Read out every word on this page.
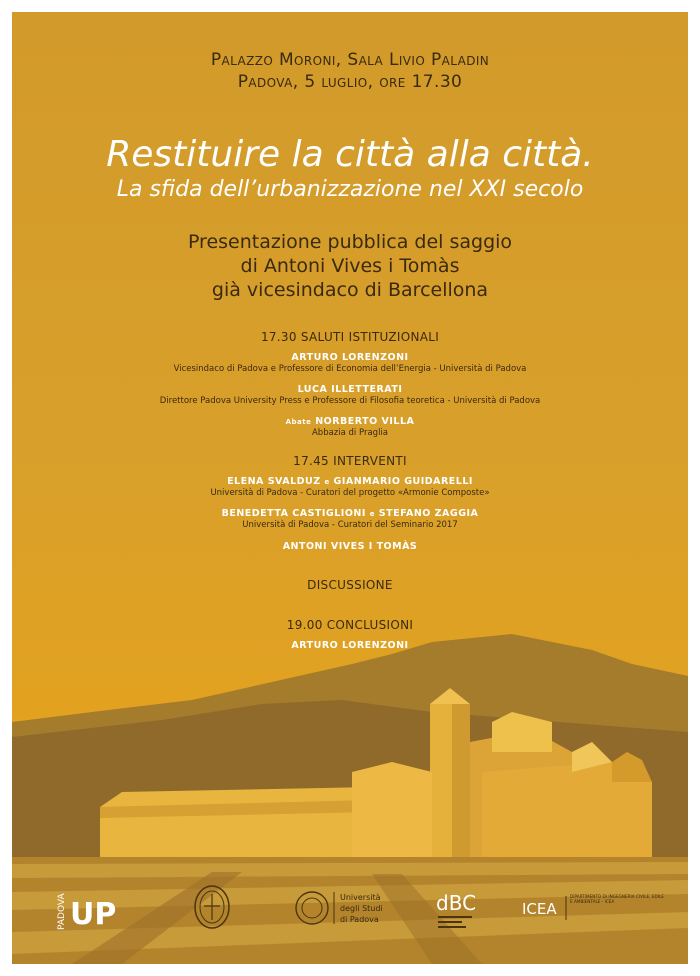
Palazzo Moroni, Sala Livio Paladin
Padova, 5 luglio, ore 17.30
Restituire la città alla città.
La sfida dell’urbanizzazione nel XXI secolo
Presentazione pubblica del saggio
di Antoni Vives i Tomàs
già vicesindaco di Barcellona
17.30 SALUTI ISTITUZIONALI
ARTURO LORENZONI
Vicesindaco di Padova e Professore di Economia dell’Energia - Università di Padova
LUCA ILLETTERATI
Direttore Padova University Press e Professore di Filosofia teoretica - Università di Padova
Abate NORBERTO VILLA
Abbazia di Praglia
17.45 INTERVENTI
ELENA SVALDUZ e GIANMARIO GUIDARELLI
Università di Padova - Curatori del progetto «Armonie Composte»
BENEDETTA CASTIGLIONI e STEFANO ZAGGIA
Università di Padova - Curatori del Seminario 2017
ANTONI VIVES I TOMÀS
DISCUSSIONE
19.00 CONCLUSIONI
ARTURO LORENZONI
PADOVA UP	Università
degli Studi
di Padova
dBC	ICEA
DIPARTIMENTO DI INGEGNERIA CIVILE, EDILE E AMBIENTALE - ICEA
